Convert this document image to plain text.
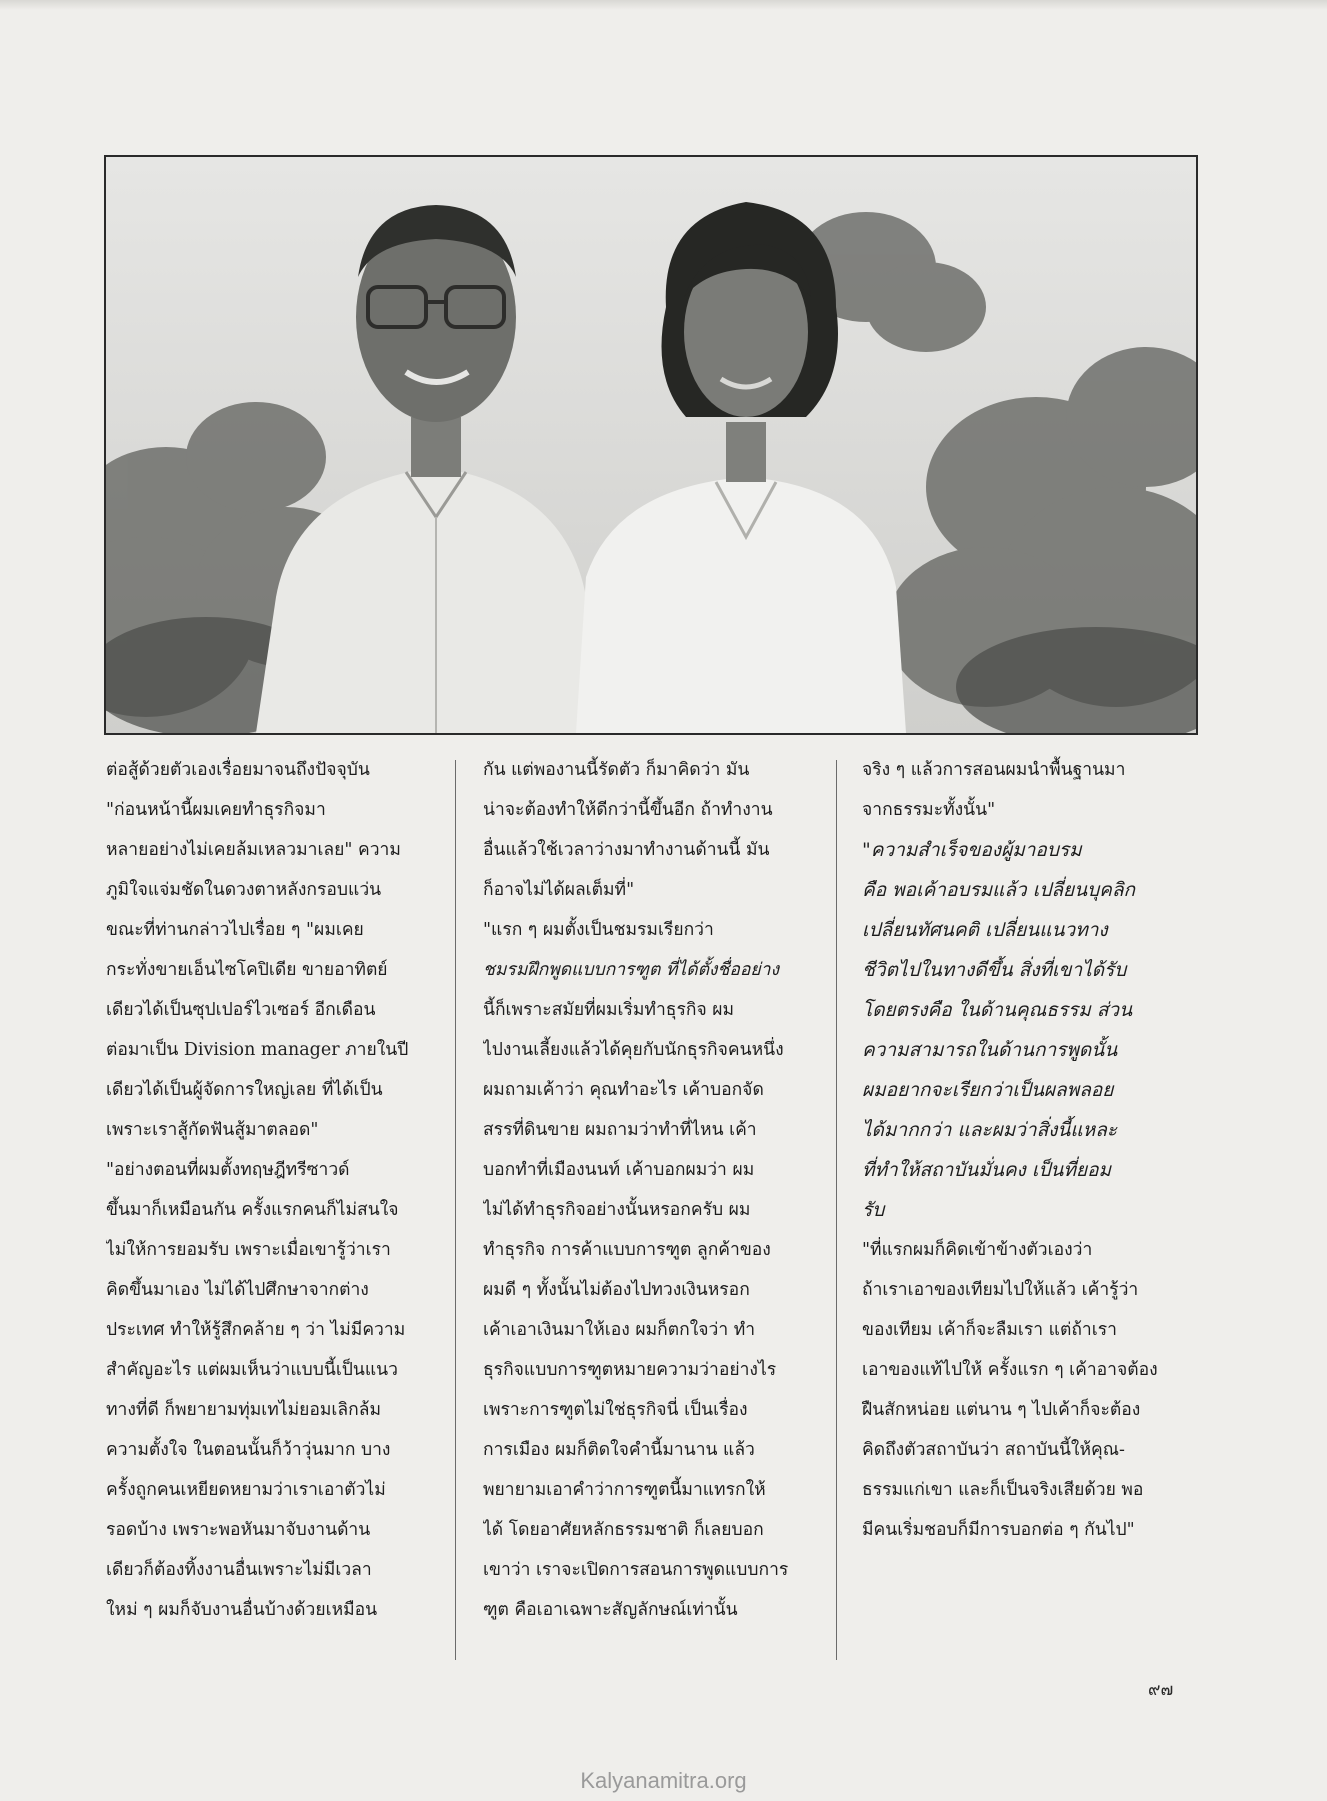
ต่อสู้ด้วยตัวเองเรื่อยมาจนถึงปัจจุบัน
"ก่อนหน้านี้ผมเคยทำธุรกิจมา
หลายอย่างไม่เคยล้มเหลวมาเลย" ความ
ภูมิใจแจ่มชัดในดวงตาหลังกรอบแว่น
ขณะที่ท่านกล่าวไปเรื่อย ๆ "ผมเคย
กระทั่งขายเอ็นไซโคปิเดีย ขายอาทิตย์
เดียวได้เป็นซุปเปอร์ไวเซอร์ อีกเดือน
ต่อมาเป็น Division manager ภายในปี
เดียวได้เป็นผู้จัดการใหญ่เลย ที่ได้เป็น
เพราะเราสู้กัดฟันสู้มาตลอด"
"อย่างตอนที่ผมตั้งทฤษฎีทรีซาวด์
ขึ้นมาก็เหมือนกัน ครั้งแรกคนก็ไม่สนใจ
ไม่ให้การยอมรับ เพราะเมื่อเขารู้ว่าเรา
คิดขึ้นมาเอง ไม่ได้ไปศึกษาจากต่าง
ประเทศ ทำให้รู้สึกคล้าย ๆ ว่า ไม่มีความ
สำคัญอะไร แต่ผมเห็นว่าแบบนี้เป็นแนว
ทางที่ดี ก็พยายามทุ่มเทไม่ยอมเลิกล้ม
ความตั้งใจ ในตอนนั้นก็ว้าวุ่นมาก บาง
ครั้งถูกคนเหยียดหยามว่าเราเอาตัวไม่
รอดบ้าง เพราะพอหันมาจับงานด้าน
เดียวก็ต้องทิ้งงานอื่นเพราะไม่มีเวลา
ใหม่ ๆ ผมก็จับงานอื่นบ้างด้วยเหมือน
กัน แต่พองานนี้รัดตัว ก็มาคิดว่า มัน
น่าจะต้องทำให้ดีกว่านี้ขึ้นอีก ถ้าทำงาน
อื่นแล้วใช้เวลาว่างมาทำงานด้านนี้ มัน
ก็อาจไม่ได้ผลเต็มที่"
"แรก ๆ ผมตั้งเป็นชมรมเรียกว่า
ชมรมฝึกพูดแบบการฑูต ที่ได้ตั้งชื่ออย่าง
นี้ก็เพราะสมัยที่ผมเริ่มทำธุรกิจ ผม
ไปงานเลี้ยงแล้วได้คุยกับนักธุรกิจคนหนึ่ง
ผมถามเค้าว่า คุณทำอะไร เค้าบอกจัด
สรรที่ดินขาย ผมถามว่าทำที่ไหน เค้า
บอกทำที่เมืองนนท์ เค้าบอกผมว่า ผม
ไม่ได้ทำธุรกิจอย่างนั้นหรอกครับ ผม
ทำธุรกิจ การค้าแบบการฑูต ลูกค้าของ
ผมดี ๆ ทั้งนั้นไม่ต้องไปทวงเงินหรอก
เค้าเอาเงินมาให้เอง ผมก็ตกใจว่า ทำ
ธุรกิจแบบการฑูตหมายความว่าอย่างไร
เพราะการฑูตไม่ใช่ธุรกิจนี่ เป็นเรื่อง
การเมือง ผมก็ติดใจคำนี้มานาน แล้ว
พยายามเอาคำว่าการฑูตนี้มาแทรกให้
ได้ โดยอาศัยหลักธรรมชาติ ก็เลยบอก
เขาว่า เราจะเปิดการสอนการพูดแบบการ
ฑูต คือเอาเฉพาะสัญลักษณ์เท่านั้น
จริง ๆ แล้วการสอนผมนำพื้นฐานมา
จากธรรมะทั้งนั้น"
"ความสำเร็จของผู้มาอบรม
คือ พอเค้าอบรมแล้ว เปลี่ยนบุคลิก
เปลี่ยนทัศนคติ เปลี่ยนแนวทาง
ชีวิตไปในทางดีขึ้น สิ่งที่เขาได้รับ
โดยตรงคือ ในด้านคุณธรรม ส่วน
ความสามารถในด้านการพูดนั้น
ผมอยากจะเรียกว่าเป็นผลพลอย
ได้มากกว่า และผมว่าสิ่งนี้แหละ
ที่ทำให้สถาบันมั่นคง เป็นที่ยอม
รับ
"ที่แรกผมก็คิดเข้าข้างตัวเองว่า
ถ้าเราเอาของเทียมไปให้แล้ว เค้ารู้ว่า
ของเทียม เค้าก็จะลืมเรา แต่ถ้าเรา
เอาของแท้ไปให้ ครั้งแรก ๆ เค้าอาจต้อง
ฝืนสักหน่อย แต่นาน ๆ ไปเค้าก็จะต้อง
คิดถึงตัวสถาบันว่า สถาบันนี้ให้คุณ-
ธรรมแก่เขา และก็เป็นจริงเสียด้วย พอ
มีคนเริ่มชอบก็มีการบอกต่อ ๆ กันไป"
๙๗
Kalyanamitra.org
